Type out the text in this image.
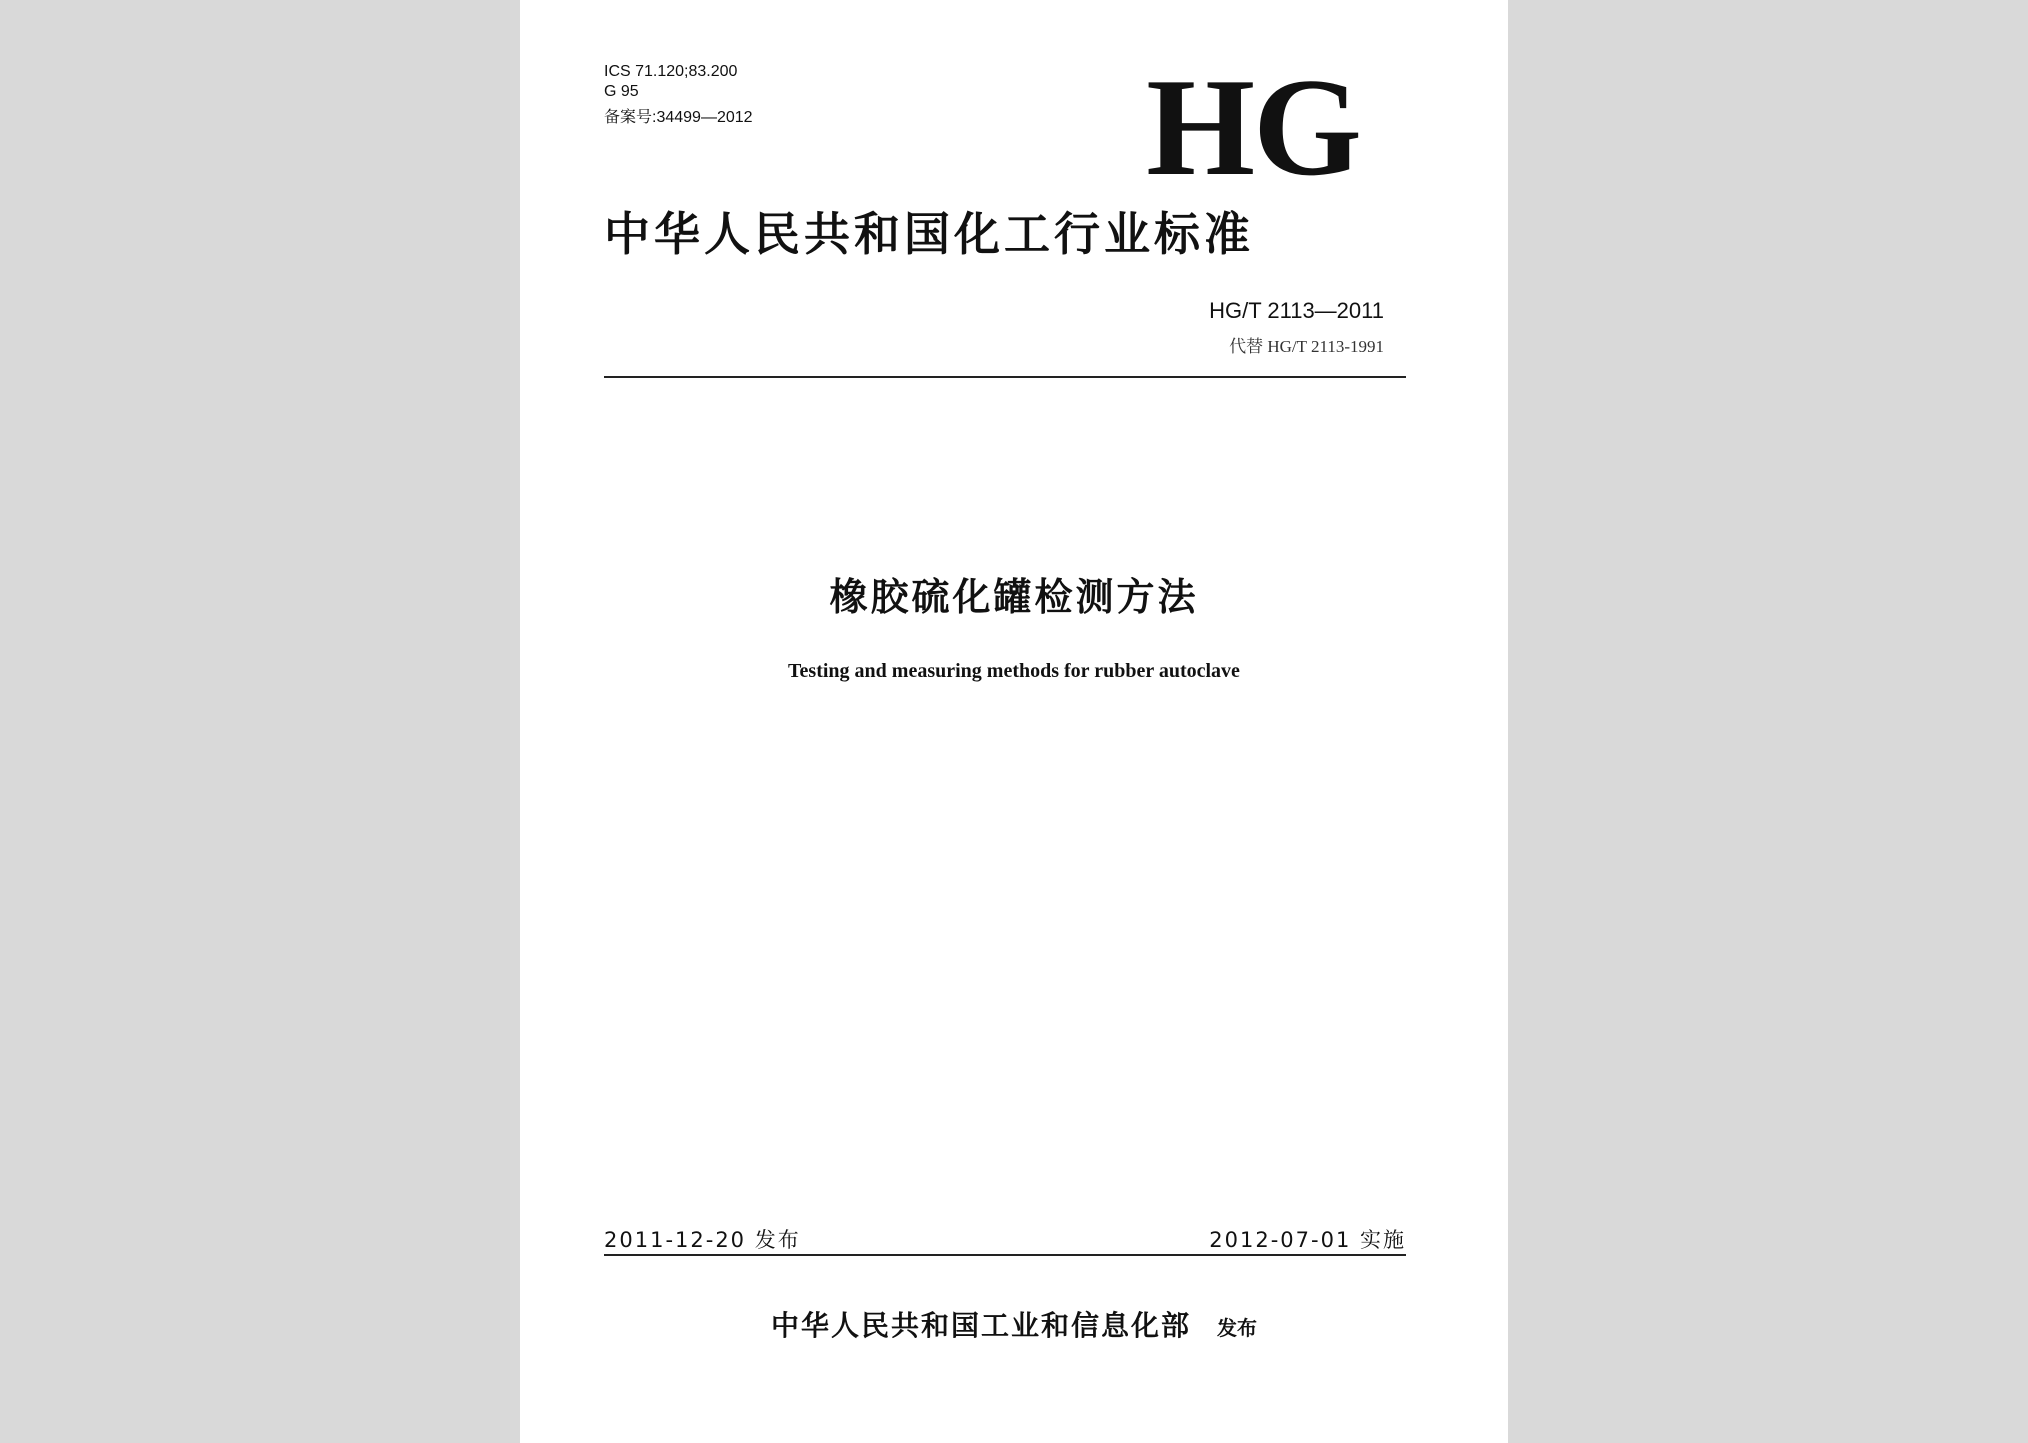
ICS 71.120;83.200
G 95
备案号:34499—2012	HG
中华人民共和国化工行业标准
HG/T 2113—2011
代替 HG/T 2113-1991
橡胶硫化罐检测方法
Testing and measuring methods for rubber autoclave
2011-12-20 发布	2012-07-01 实施
中华人民共和国工业和信息化部 发布
